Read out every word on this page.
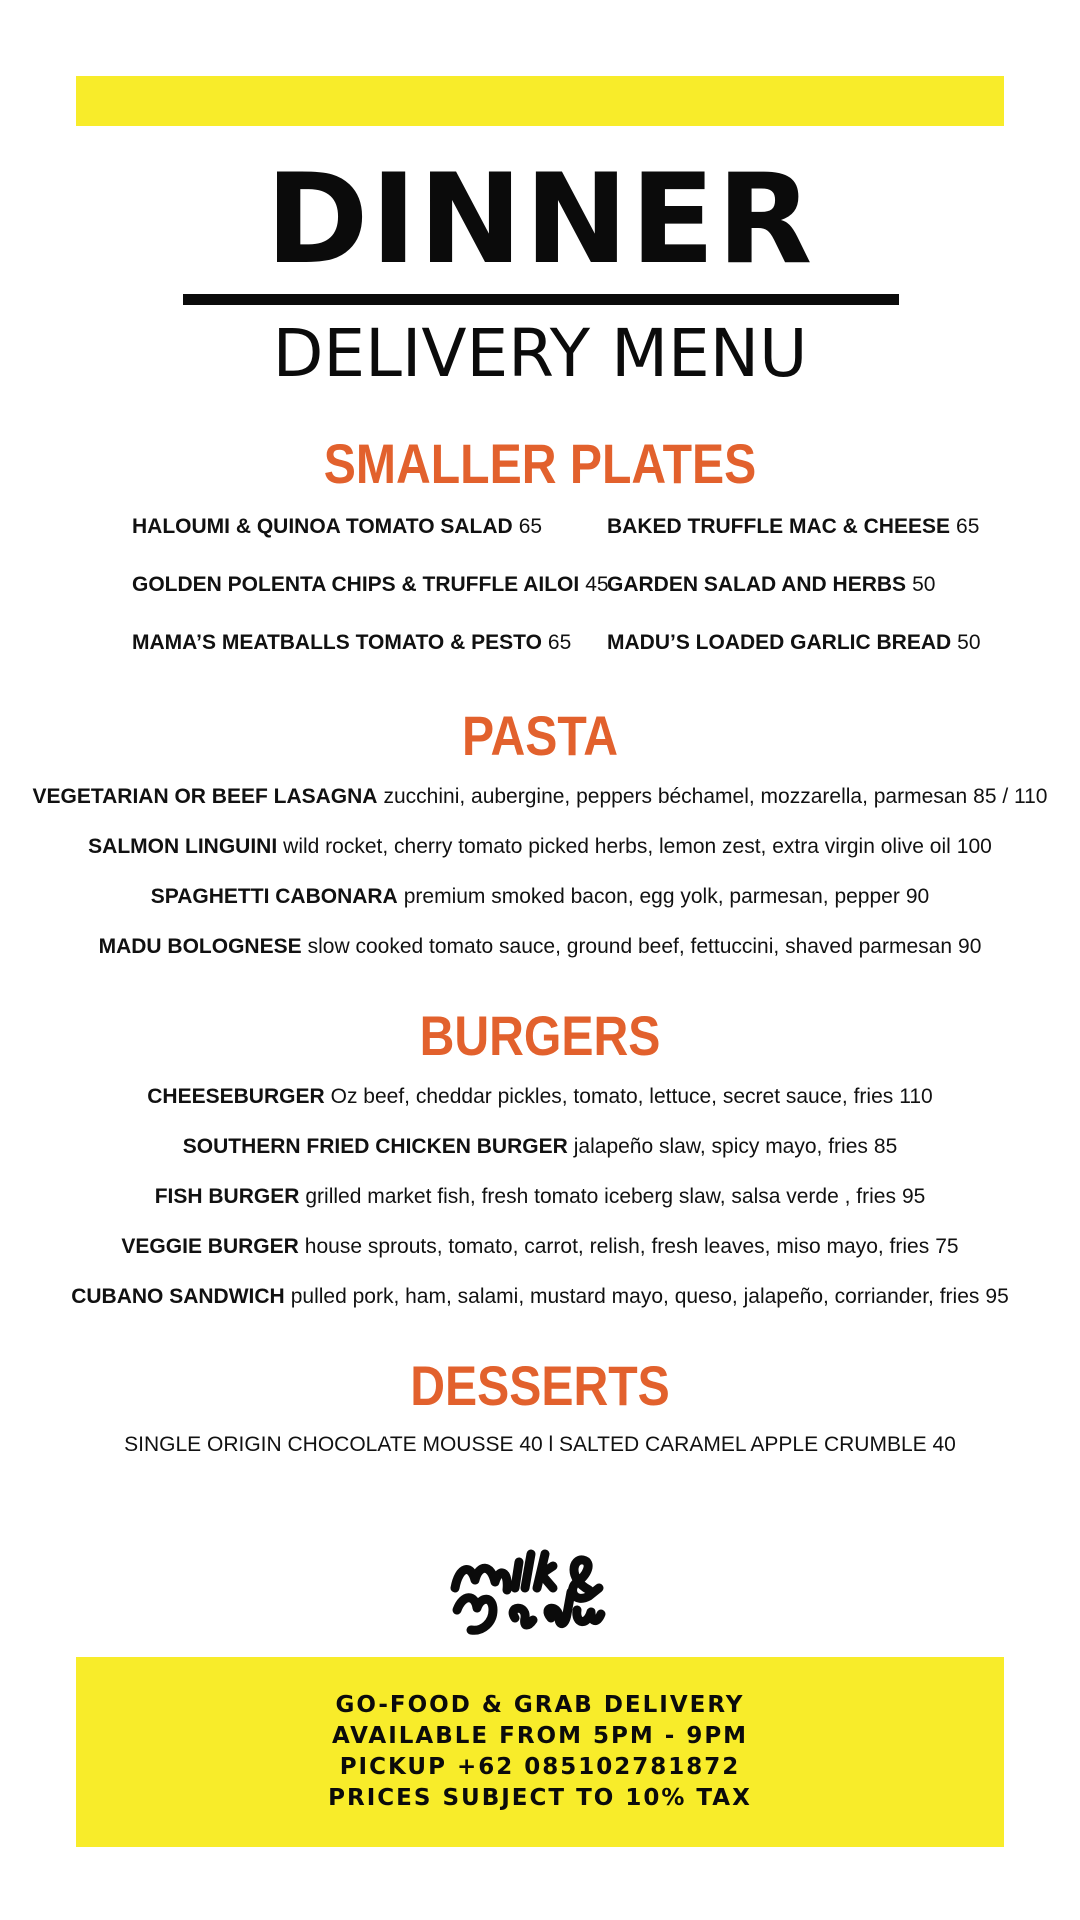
DINNER
DELIVERY MENU
SMALLER PLATES
HALOUMI & QUINOA TOMATO SALAD 65
GOLDEN POLENTA CHIPS & TRUFFLE AILOI 45
MAMA’S MEATBALLS TOMATO & PESTO 65
BAKED TRUFFLE MAC & CHEESE 65
GARDEN SALAD AND HERBS 50
MADU’S LOADED GARLIC BREAD 50
PASTA
VEGETARIAN OR BEEF LASAGNA zucchini, aubergine, peppers béchamel, mozzarella, parmesan 85 / 110
SALMON LINGUINI wild rocket, cherry tomato picked herbs, lemon zest, extra virgin olive oil 100
SPAGHETTI CABONARA premium smoked bacon, egg yolk, parmesan, pepper 90
MADU BOLOGNESE slow cooked tomato sauce, ground beef, fettuccini, shaved parmesan 90
BURGERS
CHEESEBURGER Oz beef, cheddar pickles, tomato, lettuce, secret sauce, fries 110
SOUTHERN FRIED CHICKEN BURGER jalapeño slaw, spicy mayo, fries 85
FISH BURGER grilled market fish, fresh tomato iceberg slaw, salsa verde , fries 95
VEGGIE BURGER house sprouts, tomato, carrot, relish, fresh leaves, miso mayo, fries 75
CUBANO SANDWICH pulled pork, ham, salami, mustard mayo, queso, jalapeño, corriander, fries 95
DESSERTS
SINGLE ORIGIN CHOCOLATE MOUSSE 40 l SALTED CARAMEL APPLE CRUMBLE 40
GO-FOOD & GRAB DELIVERY
AVAILABLE FROM 5PM - 9PM
PICKUP +62 085102781872
PRICES SUBJECT TO 10% TAX
